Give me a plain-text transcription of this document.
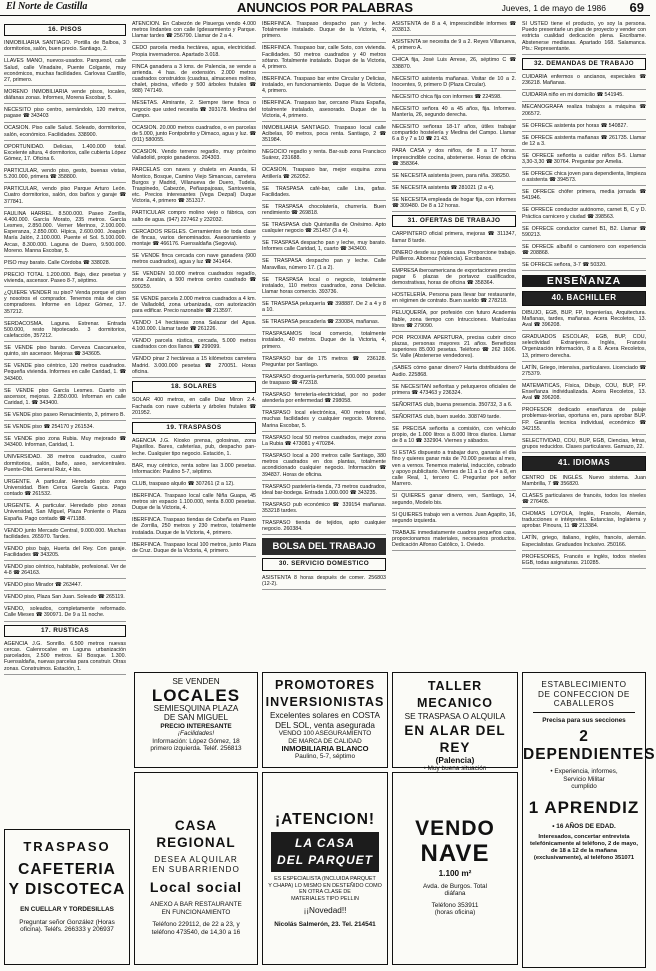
El Norte de Castilla	ANUNCIOS POR PALABRAS	Jueves, 1 de mayo de 1986 69
16. PISOS
INMOBILIARIA SANTIAGO. Portilla de Balboa, 3 dormitorios, salón, buen precio. Santiago, 2.
LLAVES MANO, nuevos-usados. Parquesol, calle Salud, calle Vinadaire, Puente Colgante, muy económicos, muchas facilidades. Carlovas Castillo, 27, primero.
MORENO INMOBILIARIA vende pisos, locales, diáfanas zonas. Informes, Morena Escobar, 5.
NECESITO piso centro, sernándolo, 120 metros, pagase ☎ 343403
OCASION. Piso calle Salud. Soleado, dormitorios, salón, económico. Facilidades. 338900.
OPORTUNIDAD. Delicias, 1.400.000 total. Excelente altura, 4 dormitorios, calle cubierta López Gómez, 17. Oficina 6.
PARTICULAR, vendo piso, gesto, buenas vistas, 5.200.000, primera ☎ 358800.
PARTICULAR, vendo piso Parque Arturo León. Cuatro dormitorios, salón, dos baños y garaje ☎ 377841.
FAULINA HARREL. 8.500.000. Paseo Zorrilla, 4.400.000. García Morato, 235 metros. García Lesmes, 2.850.000. Verner Merinos, 2.100.000. Esperanza, 2.850.000. Hípica, 2.600.000. Joaquín María Jalón, 2.100.000. Puente el Sol. 5.100.000. Arcas, 8.300.000. Laguna de Duero, 9.500.000. Moreno. Manna Escobar, 5.
PISO muy barato. Calle Córdoba ☎ 338028.
PRECIO TOTAL 1.200.000. Bajo, diez pesetas y vivienda, ascensor. Paseo 8-7, séptimo.
¿QUIERE VENDER su piso? Venda porque el piso y nosotros el comprador. Tenemos más de cien compradores. Informe en López Gómez, 17. 357212.
SERDACOSMA. Laguna. Estrenar. Entrada 500.000, resto hipotecado. 3 dormitorios, calefacción, 357212.
SE VENDE piso barato. Cerveza Cascanuelos, quinto, sin ascensor. Mejoras ☎ 343605.
SE VENDE piso céntrico, 120 metros cuadrados. Pequeña vivienda. Informes en calle Caridad, 1. ☎ 343400.
SE VENDE piso García Lesmes. Cuarto sin ascensor, mejoras. 2.850.000. Informan en calle Caridad, 1. ☎ 343400.
SE VENDE piso paseo Renacimiento, 3, primero B.
SE VENDE piso ☎ 254170 y 261534.
SE VENDE piso zona Rubia. Muy mejorado ☎ 343400. Informan, Caridad, 1.
UNIVERSIDAD. 38 metros cuadrados, cuatro dormitorios, salón, baño, aseo, servicentrales. Puente-Olid. General Ruiz, 4 bis.
URGENTE. A particular. Heredado piso zona Universidad. Bien Cerca García Gasca. Pago contado ☎ 261532.
URGENTE. A particular. Heredado piso zonas Universidad, San Miguel, Plaza Poniente o Plaza España. Pago contado ☎ 471188.
VENDO junto Mercado Central, 9.000.000. Muchas facilidades. 265970. Tardes.
VENDO piso bajo, Huerta del Rey. Con garaje. Facilidades ☎ 343205.
VENDO piso céntrico, habitable, profesional. Ver de 4-8 ☎ 264163.
VENDO piso Mirador ☎ 263447.
VENDO piso, Plaza San Juan. Soleado ☎ 265119.
VENDO, soleados, completamente reformado. Calle Mieses ☎ 390971. De 9 a 11 noche.
17. RUSTICAS
AGENCIA J.G. Sonrillo. 6.500 metros nuevas cercas. Calenrocalve en Laguna urbanización parcelados, 2.500 metros. El Bosque. 1.300. Fuensaldaña, nuevas parcelas para construir. Otras zonas. Construimos. Estación, 1.
ATENCION. En Cabezón de Pisuerga vendo 4.000 metros lindantes con calle Igdesarmiento y Parque. Llamar tardes ☎ 256790. Llamar de 2 a 4.
CEDO parcela media hectárea, agua, electricidad. Propia invernaderos. Apartado 3.018.
FINCA ganadera a 3 kms. de Palencia, se vende a arrienda. 4 has. de extensión. 2.000 metros cuadrados construidos (cuadras, almacenes molino, chalet, piscina, viñedo y 500 árboles frutales ☎ 988) 747149.
MESETAS. Almirante, 2. Siempre tiene finca o negocio que usted necesita ☎ 393178. Medina del Campo.
OCASION. 20.000 metros cuadrados, o en parcelas de 5.000, junto Fontpobrito y Dimaco, agua y luz. ☎ (911) 580055.
OCASION. Vendo terreno regadío, muy próximo Valladolid, propio ganaderos. 204303.
PARCELAS con naves y chalets en Aranda, El Montico, Bosque, Camino Viejo Simancas, carretera Burgos y Madrid, Villanueva de Duero, Tudela, Traspinedo, Cabezón, Peñaspajosas, Santovenia, etc. Precios interesantes (Vega Dezpal) Duque Victoria, 4, primero ☎ 351317.
PARTICULAR compro molino viejo o fábrica, con salto de agua. (947) 227462 y 232032.
CERCADOS REGLES. Cerramientos de toda clase de fincas, varios denominados. Asesoramiento y montaje ☎ 466176. Fuensaldaña (Segovia).
SE VENDE finca cercada con nave ganadera (900 metros cuadrados), agua y luz ☎ 341464.
SE VENDEN 10.000 metros cuadrados regadío, zona Zaratán, a 500 metros centro cuadrado ☎ 590259.
SE VENDE parcela 2.000 metros cuadrados a 4 km. de Valladolid, zona urbanizada, con autorización para edificar. Precio razonable ☎ 213597.
VENDO 14 hectáreas zona Salazar del Agua. 4.100.000. Llamar tarde ☎ 261226.
VENDO parcela rústica, cercada, 5.000 metros cuadrados con dos llanos ☎ 299099.
VENDO pinar 2 hectáreas a 15 kilómetros carretera Madrid. 3.000.000 pesetas ☎ 270051. Horas oficina.
18. SOLARES
SOLAR 400 metros, en calle Diaz Miron 2.4. Fachada con nave cubierta y árboles frutales ☎ 201952.
19. TRASPASOS
AGENCIA J.G. Kiosko prensa, golosinas, zona Pajarillos. Bares, cafeterías, pub, despacho pan-leche. Cualquier tipo negocio. Estación, 1.
BAR, muy céntrico, renta sobre las 3.000 pesetas. Información: Paulino 5-7, séptimo.
CLUB, traspaso alquilo ☎ 307261 (2 a 12).
IBERFINCA. Traspaso local calle Niña Guapa, 45 metros sin espacio 1.100.000, renta 8.000 pesetas. Duque de la Victoria, 4.
IBERFINCA. Traspaso tiendas de Cobeña en Paseo de Zorrilla, 250 metros y 230 metros, totalmente instalada. Duque de la Victoria, 4, primero.
IBERFINCA. Traspaso local 100 metros, junto Plaza de Cruz. Duque de la Victoria, 4, primero.
IBERFINCA. Traspaso despacho pan y leche. Totalmente instalado. Duque de la Victoria, 4, primero.
IBERFINCA. Traspaso bar, calle Soto, con vivienda. Facilidades. 50 metros cuadrados y 40 metros sótano. Totalmente instalado. Duque de la Victoria, 4, primero.
IBERFINCA. Traspaso bar entre Circular y Delicias, instalado, en funcionamiento. Duque de la Victoria, 4, primero.
IBERFINCA. Traspaso bar, cercano Plaza España, totalmente instalado, asesorado. Duque de la Victoria, 4, primero.
INMOBILIARIA SANTIAGO. Traspaso local calle Acibelas, 90 metros, poca renta. Santiago, 2 ☎ 351984.
NEGOCIO regadío y renta. Bar-sub zona Francisco Suárez, 231688.
OCASION. Traspaso bar, mejor esquina zona Artillería ☎ 262052.
SE TRASPASA café-bar, calle Lira, gafas. Facilidades.
SE TRASPASA chocolatería, churrería. Buen rendimiento ☎ 269818.
SE TRASPASA club Quintanilla de Onésimo. Apto cualquier negocio ☎ 251457 (3 a 4).
SE TRASPASA despacho pan y leche, muy barato. Informes calle Caridad, 1, cuarto ☎ 343400.
SE TRASPASA despacho pan y leche. Calle Maravillas, número 17. (1 a 2).
SE TRASPASA local o negocio, totalmente instalado, 110 metros cuadrados, zona Delicias. Llamar horas comercio. 393736.
SE TRASPASA peluquería ☎ 398887. De 2 a 4 y 8 a 10.
SE TRASPASA pescadería ☎ 230084, mañanas.
TRASPASAMOS local comercio, totalmente instalado, 40 metros. Duque de la Victoria, 4, primero.
TRASPASO bar de 175 metros ☎ 236128. Preguntar por Santiago.
TRASPASO droguería-perfumería, 500.000 pesetas de traspaso ☎ 472318.
TRASPASO ferretería-electricidad, por no poder atenderla por enfermedad ☎ 298058.
TRASPASO local electrónica, 400 metros total, muchas facilidades y cualquier negocio. Moreno. Marina Escobar, 5.
TRASPASO local 50 metros cuadrados, mejor zona La Rubia ☎ 473081 y 470284.
TRASPASO local a 200 metros calle Santiago, 380 metros cuadrados en dos plantas, totalmente acondicionado cualquier negocio. Información ☎ 394837. Horas de oficina.
TRASPASO pastelería-tienda, 73 metros cuadrados, ideal bar-bodega. Entrada 1.000.000 ☎ 343235.
TRASPASO pub económico ☎ 339154 mañanas. 353218 tardes.
TRASPASO tienda de tejidos, apto cualquier negocio. 260384.
BOLSA DEL TRABAJO
30. SERVICIO DOMESTICO
ASISTENTA 8 horas después de comer. 256803 (12-2).
ASISTENTA de 8 a 4, imprescindible informes ☎ 203813.
ASISTENTA se necesita de 9 a 2. Reyes Villanueva, 4, primero A.
CHICA fija, José Luis Arrese, 26, séptimo C ☎ 338870.
NECESITO asistenta mañanas. Visitar de 10 a 2. Inocentes, 9, primero D (Plaza Circular).
NECESITO chica fija con informes ☎ 224598.
NECESITO señora 40 a 45 años, fija. Informes. Mantería, 26, segundo derecha.
NECESITO señoras 18-17 años, útiles trabajar compartido hostelería y Medina del Campo. Llamar 6 a 8 y 7 a 10 ☎ 21 43.
PARA CASA y dos niños, de 8 a 17 horas. Imprescindible cocina, abstenerse. Horas de oficina ☎ 358364.
SE NECESITA asistenta joven, para niña. 398250.
SE NECESITA asistenta ☎ 281021 (2 a 4).
SE NECESITA empleada de hogar fija, con informes ☎ 309480. De 8 a 12 horas.
31. OFERTAS DE TRABAJO
CARPINTERO oficial primera, mejoras ☎ 311347, llamar 8 tarde.
DINERO desde su propia casa. Proporcione trabajo. Pulilleros. Albornoz (Valencia). Escribanos.
EMPRESA iberoamericana de exportaciones precisa pagar 6 plazas de portavoz cualificados, demostrativas, horas de oficina ☎ 358364.
HOSTELERÍA. Persona para llevar bar restaurante, en régimen de contrato. Buen sueldo ☎ 278218.
PELUQUERÍA, por profesión con futuro Academia fiable, zona tiempo con Intrucciones. Matrículas libres ☎ 279090.
POR PROXIMA APERTURA, precisa cubrir cinco plazas, personas mayores 21 años. Beneficios superiores 85.000 pesetas. Teléfono ☎ 262 1606. Sr. Valle (Abstenerse vendedores).
¡SABES cómo ganar dinero? Harta distribuidora de Audio. 225868.
SE NECESITAN señoritas y peluqueros oficiales de primera ☎ 473463 y 236324.
SEÑORITAS club, buena presencia. 350732, 3 a 6.
SEÑORITAS club, buen sueldo. 308749 tarde.
SE PRECISA señorita a comisión, con vehículo propio, de 1.000 litros a 8.000 litros diarios. Llamar de 8 a 10 ☎ 332904. Viernes y sábados.
SI ESTAS dispuesto a trabajar duro, ganarás el día fino y quieres ganar más de 70.000 pesetas al mes, ven a vernos. Tenemos material, inducción, cobrado y apoyo publicitario. Viernes de 11 a 1 o de 4 a 8, en calle Real, 1, tercero C. Preguntar por señor Marrero.
SI QUIERES ganar dinero, ven, Santiago, 14, segundo, Modelo bis.
SI QUIERES trabajo ven a vernos. Juan Agapito, 16, segundo izquierda.
TRABAJE inmediatamente cuadros pequeños casa, proporcionamos materiales, necesarios productos. Dedicación Alfonso Católico, 1. Oviedo.
SI USTED tiene el producto, yo soy la persona. Puedo presentarle un plan de proyecto y vender con estricta cualidad dedicación plena. Escribame. Abstenerse medianas. Apartado 168. Salamanca. Pts.: Representante.
32. DEMANDAS DE TRABAJO
CUIDARIA enfermos o ancianos, especiales ☎ 236218. Mañanas.
CUIDARIA niño en mi domicilio ☎ 541945.
MECANOGRAFA realiza trabajos a máquina ☎ 206572.
SE OFRECE asistenta por horas ☎ 540827.
SE OFRECE asistenta mañanas ☎ 261735. Llamar de 12 a 3.
SE OFRECE señorita a cuidar niños 8-5. Llamar 3,30-3,30 ☎ 30764. Preguntar por Amelia.
SE OFRECE chica joven para dependienta, limpieza o asistenta ☎ 394573.
SE OFRECE chófer primera, media jornada ☎ 541946.
SE OFRECE conductor autónomo, carnet B, C y D. Práctica carnicero y ciudad ☎ 398563.
SE OFRECE conductor carnet B1, B2. Llamar ☎ 590213.
SE OFRECE albañil o camionero con experiencia ☎ 208868.
SE OFRECE señora, 3-7 ☎ 50320.
ENSEÑANZA
40. BACHILLER
DIBUJO, EGB, BUP, FP, Ingenierías, Arquitectura. Mañanas, tardes, mañanas. Acera Recoletos, 13. Aval ☎ 396208.
GRADUADOS ESCOLAR, EGB, BUP, COU, selectividad Extranjeros. Inglés, Francés Orgenización información, 8 a 8. Acera Recoletos, 13, primero derecha.
LATÍN, Griego, intensiva, particulares. Licenciado ☎ 275379.
MATEMATICAS, Física, Dibujo, COU, BUP, FP. Enseñanza individualizada. Acera Recoletos, 13. Aval ☎ 396208.
PROFESOR dedicado enseñanza de pulaje problemas-teorías, oportuna en, para aprobar BUP. FP. Garantía tecnica individual, económico ☎ 342155.
SELECTIVIDAD, COU, BUP, EGB, Ciencias, letras, grupos reducidos. Clases particulares. Gamazo, 22.
41. IDIOMAS
CENTRO DE INGLÉS. Nuevo sistema. Juan Mambrilla, 7 ☎ 356820.
CLASES particulares de francés, todos los niveles ☎ 276405.
CHOMAS LOYOLA, Inglés, Francés, Alemán, traducciones e intérpretes. Estancias, Inglaterra y aprobar. Pinoura, 11 ☎ 213384.
LATÍN, griego, italiano, inglés, francés, alemán. Especialistas. Graduados Inclusivo. 250166.
PROFESORES, Francés e Inglés, todos niveles EGB, todas asignaturas. 210285.
SE VENDEN
LOCALES
SEMIESQUINA PLAZA
DE SAN MIGUEL
PRECIO INTERESANTE
¡Facilidades!
Información: López Gómez, 18
primero izquierda. Teléf. 256813
PROMOTORES
INVERSIONISTAS
Excelentes solares en COSTA
DEL SOL, venta asegurada
VENDO 100 ASEGURAMIENTO
DE MARCA DE CALIDAD
INMOBILIARIA BLANCO
Paulino, 5-7, séptimo
TALLER MECANICO
SE TRASPASA O ALQUILA
EN ALAR DEL REY
(Palencia)
• Muy buena situación
ESTABLECIMIENTO
DE CONFECCION DE
CABALLEROS
Precisa para sus secciones
2 DEPENDIENTES
• Experiencia, informes,
Servicio Militar
cumplido
1 APRENDIZ
• 16 AÑOS DE EDAD.
Interesados, concertar entrevista telefónicamente al teléfono, 2 de mayo, de 18 a 12 de la mañana (exclusivamente), al teléfono 351071
TRASPASO
CAFETERIA
Y DISCOTECA
EN CUELLAR Y TORDESILLAS
Preguntar señor González (Horas
oficina). Teléfs. 266333 y 206937
CASA REGIONAL
DESEA ALQUILAR
EN SUBARRIENDO
Local social
ANEXO A BAR RESTAURANTE
EN FUNCIONAMIENTO
Teléfono 229112, de 22 a 23, y
teléfono 473540, de 14,30 a 16
¡ATENCION!
LA CASA
DEL PARQUET
ES ESPECIALISTA (INCLUIDA PARQUET
Y CHAPA) LO MISMO EN DESTEÑIDO COMO
EN OTRA CLASE DE
MATERIALES TIPO PELLIN
¡¡Novedad!!
Nicolás Salmerón, 23. Tel. 214541
VENDO
NAVE
1.100 m²
Avda. de Burgos. Total
diáfana
Teléfono 353911
(horas oficina)
